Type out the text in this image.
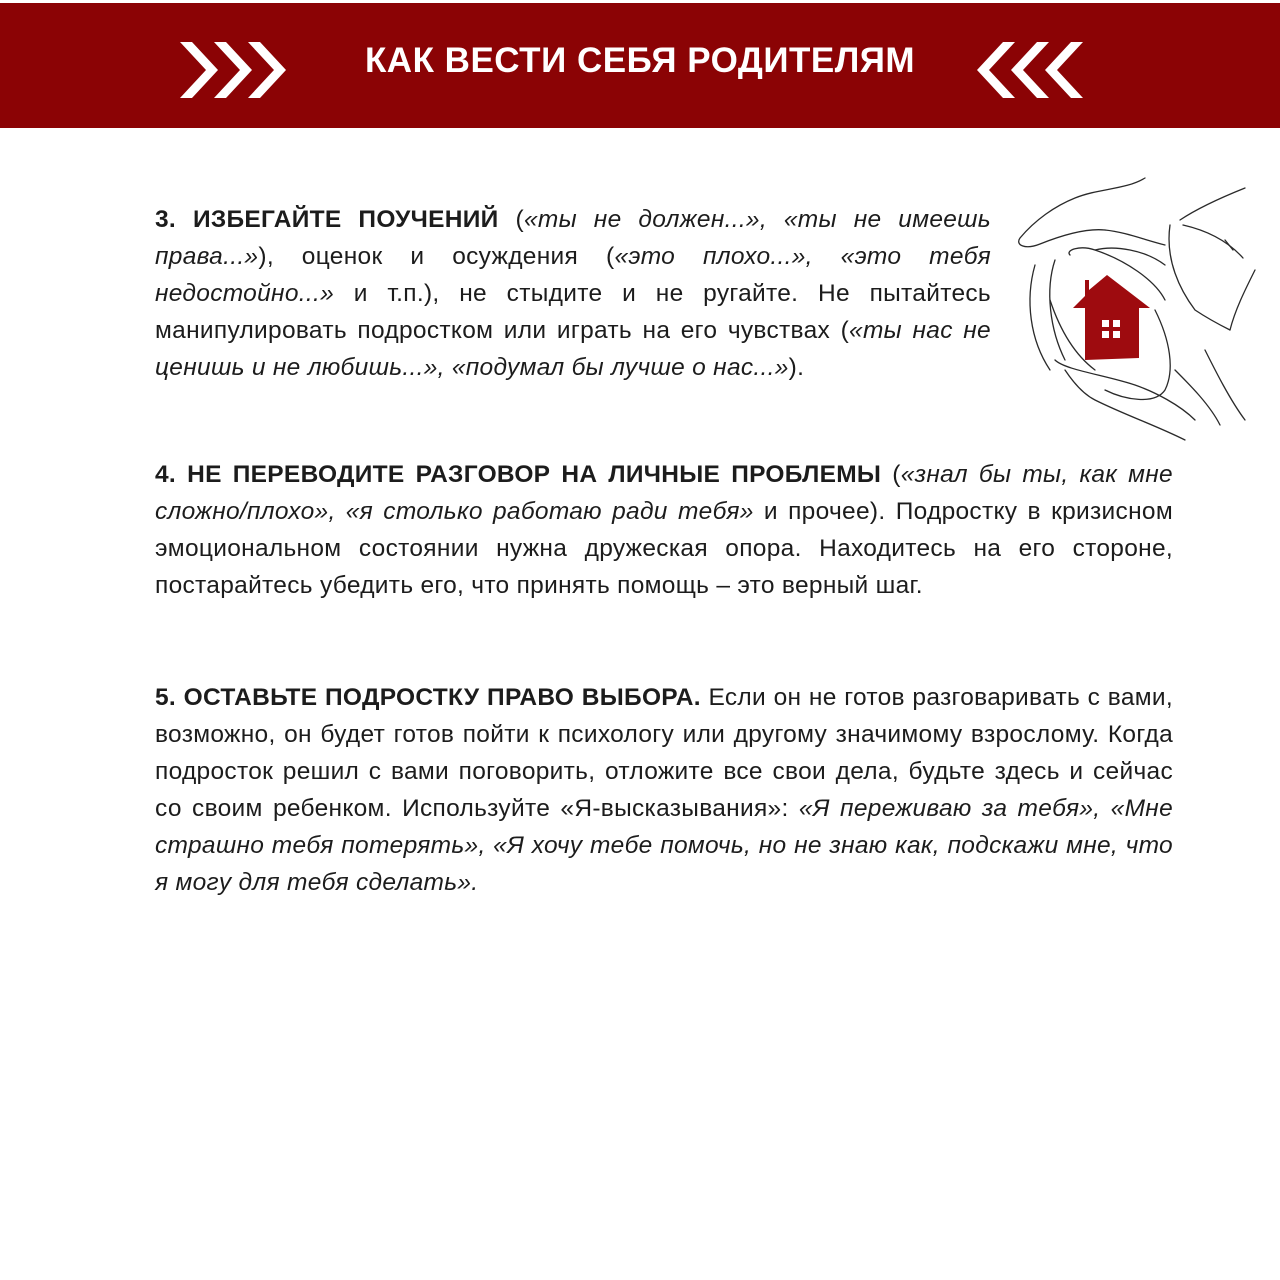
КАК ВЕСТИ СЕБЯ РОДИТЕЛЯМ
3. ИЗБЕГАЙТЕ ПОУЧЕНИЙ («ты не должен...», «ты не имеешь права...»), оценок и осуждения («это плохо...», «это тебя недостойно...» и т.п.), не стыдите и не ругайте. Не пытайтесь манипулировать подростком или играть на его чувствах («ты нас не ценишь и не любишь...», «подумал бы лучше о нас...»).
4. НЕ ПЕРЕВОДИТЕ РАЗГОВОР НА ЛИЧНЫЕ ПРОБЛЕМЫ («знал бы ты, как мне сложно/плохо», «я столько работаю ради тебя» и прочее). Подростку в кризисном эмоциональном состоянии нужна дружеская опора. Находитесь на его стороне, постарайтесь убедить его, что принять помощь – это верный шаг.
5. ОСТАВЬТЕ ПОДРОСТКУ ПРАВО ВЫБОРА. Если он не готов разговаривать с вами, возможно, он будет готов пойти к психологу или другому значимому взрослому. Когда подросток решил с вами поговорить, отложите все свои дела, будьте здесь и сейчас со своим ребенком. Используйте «Я-высказывания»: «Я переживаю за тебя», «Мне страшно тебя потерять», «Я хочу тебе помочь, но не знаю как, подскажи мне, что я могу для тебя сделать».
